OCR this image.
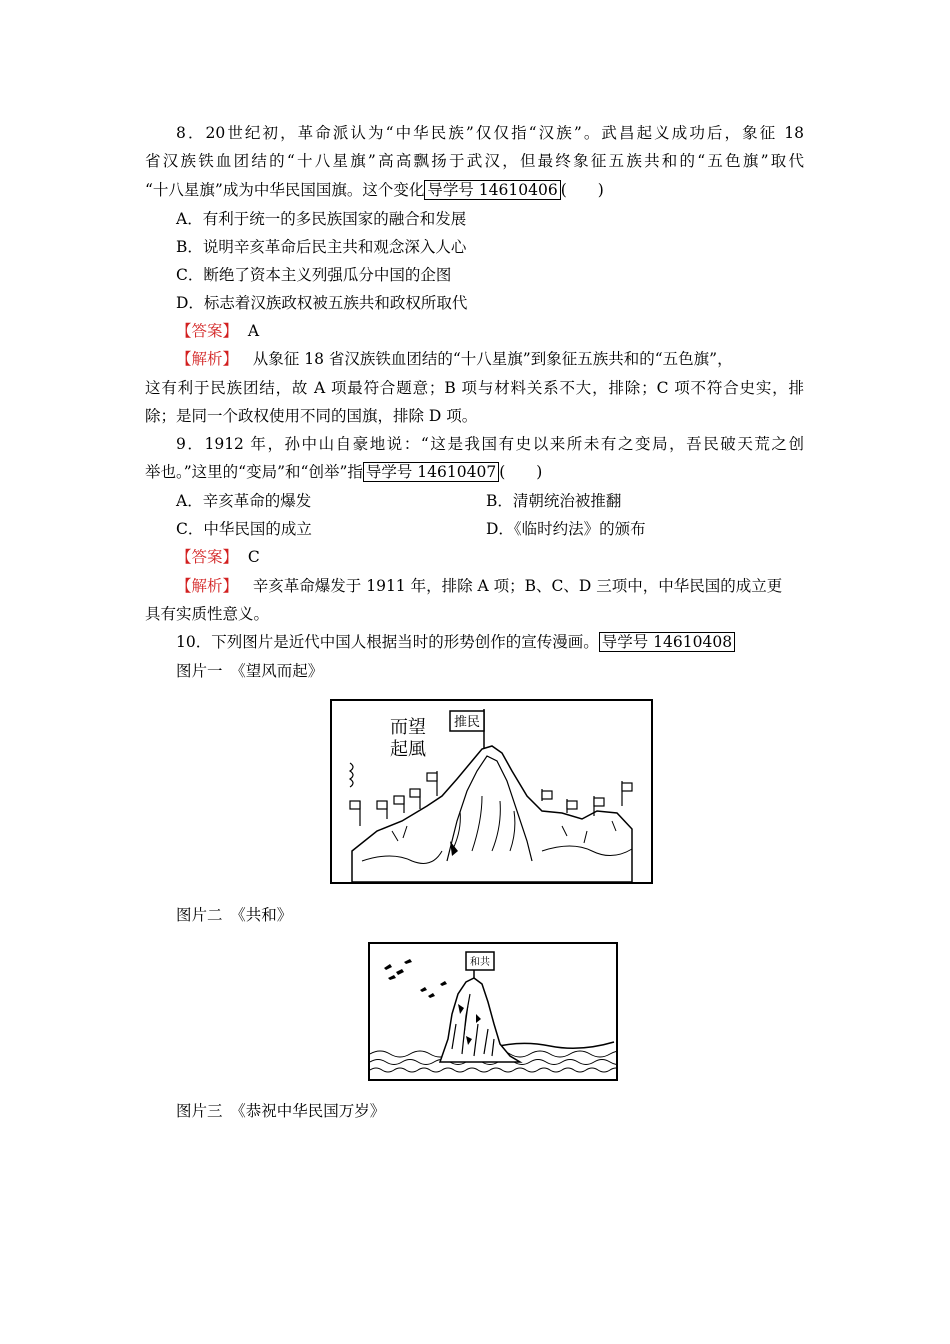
8．20世纪初，革命派认为“中华民族”仅仅指“汉族”。武昌起义成功后，象征 18
省汉族铁血团结的“十八星旗”高高飘扬于武汉，但最终象征五族共和的“五色旗”取代
“十八星旗”成为中华民国国旗。这个变化 导学号 14610406 (　　)
A．有利于统一的多民族国家的融合和发展
B．说明辛亥革命后民主共和观念深入人心
C．断绝了资本主义列强瓜分中国的企图
D．标志着汉族政权被五族共和政权所取代
【答案】 A
【解析】 从象征 18 省汉族铁血团结的“十八星旗”到象征五族共和的“五色旗”，
这有利于民族团结，故 A 项最符合题意；B 项与材料关系不大，排除；C 项不符合史实，排
除；是同一个政权使用不同的国旗，排除 D 项。
9．1912 年，孙中山自豪地说：“这是我国有史以来所未有之变局，吾民破天荒之创
举也。”这里的“变局”和“创举”指 导学号 14610407 (　　)
A．辛亥革命的爆发	B．清朝统治被推翻
C．中华民国的成立	D．《临时约法》的颁布
【答案】 C
【解析】 辛亥革命爆发于 1911 年，排除 A 项；B、C、D 三项中，中华民国的成立更
具有实质性意义。
10．下列图片是近代中国人根据当时的形势创作的宣传漫画。 导学号 14610408
图片一　《望风而起》
推民
而望
起風
图片二　《共和》
和共
图片三　《恭祝中华民国万岁》
